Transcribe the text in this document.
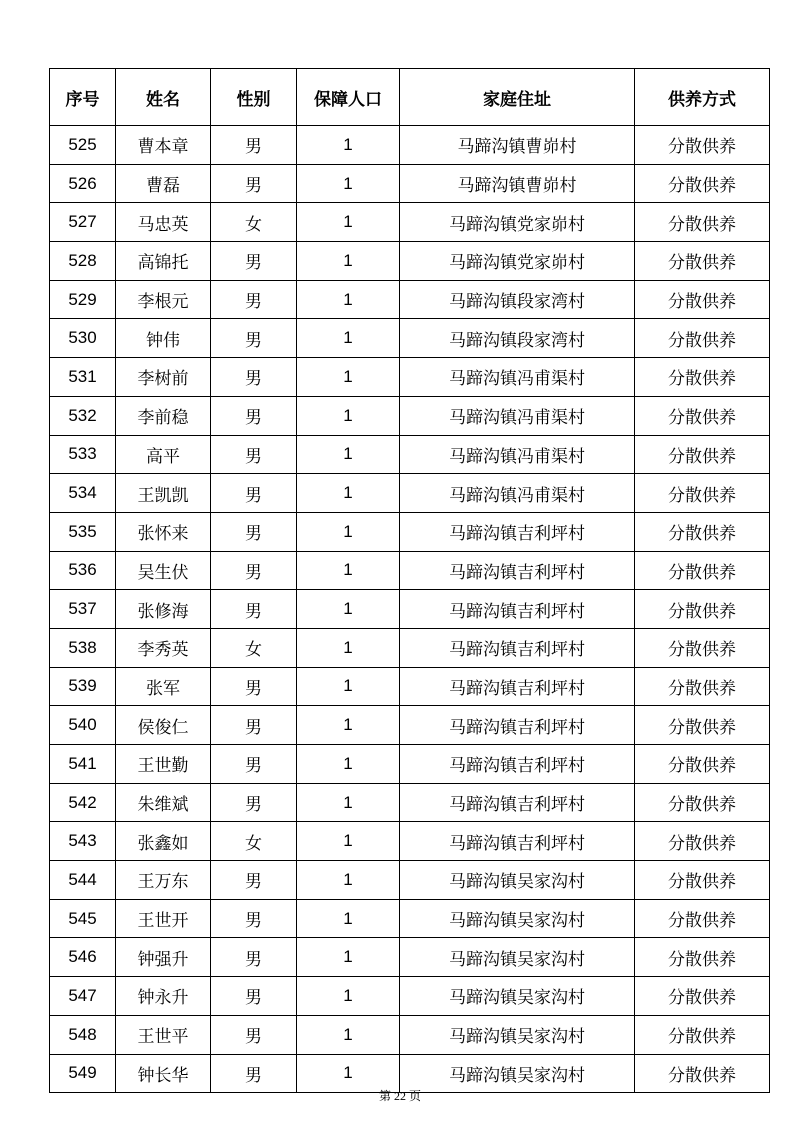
序号	姓名	性别	保障人口	家庭住址	供养方式
525	曹本章	男	1	马蹄沟镇曹峁村	分散供养
526	曹磊	男	1	马蹄沟镇曹峁村	分散供养
527	马忠英	女	1	马蹄沟镇党家峁村	分散供养
528	高锦托	男	1	马蹄沟镇党家峁村	分散供养
529	李根元	男	1	马蹄沟镇段家湾村	分散供养
530	钟伟	男	1	马蹄沟镇段家湾村	分散供养
531	李树前	男	1	马蹄沟镇冯甫渠村	分散供养
532	李前稳	男	1	马蹄沟镇冯甫渠村	分散供养
533	高平	男	1	马蹄沟镇冯甫渠村	分散供养
534	王凯凯	男	1	马蹄沟镇冯甫渠村	分散供养
535	张怀来	男	1	马蹄沟镇吉利坪村	分散供养
536	吴生伏	男	1	马蹄沟镇吉利坪村	分散供养
537	张修海	男	1	马蹄沟镇吉利坪村	分散供养
538	李秀英	女	1	马蹄沟镇吉利坪村	分散供养
539	张军	男	1	马蹄沟镇吉利坪村	分散供养
540	侯俊仁	男	1	马蹄沟镇吉利坪村	分散供养
541	王世勤	男	1	马蹄沟镇吉利坪村	分散供养
542	朱维斌	男	1	马蹄沟镇吉利坪村	分散供养
543	张鑫如	女	1	马蹄沟镇吉利坪村	分散供养
544	王万东	男	1	马蹄沟镇吴家沟村	分散供养
545	王世开	男	1	马蹄沟镇吴家沟村	分散供养
546	钟强升	男	1	马蹄沟镇吴家沟村	分散供养
547	钟永升	男	1	马蹄沟镇吴家沟村	分散供养
548	王世平	男	1	马蹄沟镇吴家沟村	分散供养
549	钟长华	男	1	马蹄沟镇吴家沟村	分散供养
第 22 页
